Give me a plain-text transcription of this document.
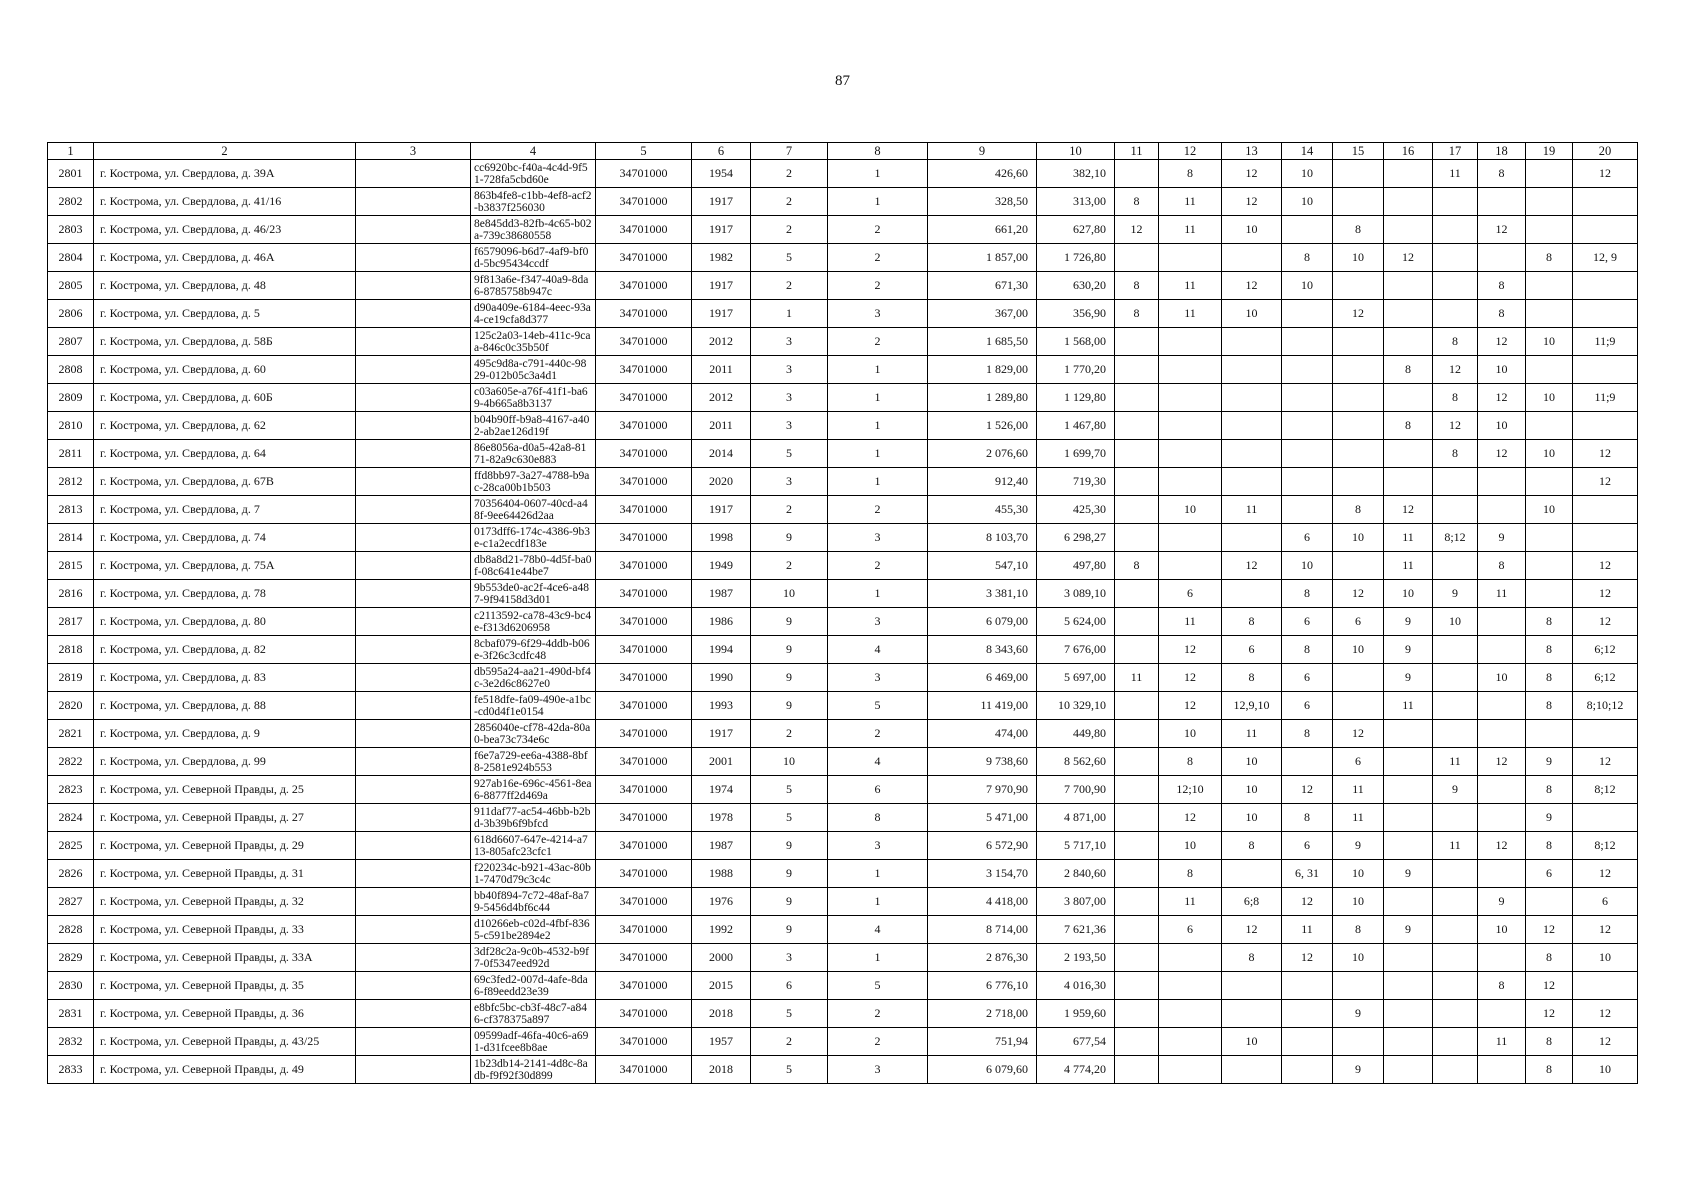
87
1	2	3	4	5	6	7	8	9	10	11	12	13	14	15	16	17	18	19	20
2801	г. Кострома, ул. Свердлова, д. 39А		cc6920bc-f40a-4c4d-9f51-728fa5cbd60e	34701000	1954	2	1	426,60	382,10		8	12	10			11	8		12
2802	г. Кострома, ул. Свердлова, д. 41/16		863b4fe8-c1bb-4ef8-acf2-b3837f256030	34701000	1917	2	1	328,50	313,00	8	11	12	10						
2803	г. Кострома, ул. Свердлова, д. 46/23		8e845dd3-82fb-4c65-b02a-739c38680558	34701000	1917	2	2	661,20	627,80	12	11	10		8			12		
2804	г. Кострома, ул. Свердлова, д. 46А		f6579096-b6d7-4af9-bf0d-5bc95434ccdf	34701000	1982	5	2	1 857,00	1 726,80				8	10	12			8	12, 9
2805	г. Кострома, ул. Свердлова, д. 48		9f813a6e-f347-40a9-8da6-8785758b947c	34701000	1917	2	2	671,30	630,20	8	11	12	10				8		
2806	г. Кострома, ул. Свердлова, д. 5		d90a409e-6184-4eec-93a4-ce19cfa8d377	34701000	1917	1	3	367,00	356,90	8	11	10		12			8		
2807	г. Кострома, ул. Свердлова, д. 58Б		125c2a03-14eb-411c-9caa-846c0c35b50f	34701000	2012	3	2	1 685,50	1 568,00							8	12	10	11;9
2808	г. Кострома, ул. Свердлова, д. 60		495c9d8a-c791-440c-9829-012b05c3a4d1	34701000	2011	3	1	1 829,00	1 770,20						8	12	10		
2809	г. Кострома, ул. Свердлова, д. 60Б		c03a605e-a76f-41f1-ba69-4b665a8b3137	34701000	2012	3	1	1 289,80	1 129,80							8	12	10	11;9
2810	г. Кострома, ул. Свердлова, д. 62		b04b90ff-b9a8-4167-a402-ab2ae126d19f	34701000	2011	3	1	1 526,00	1 467,80						8	12	10		
2811	г. Кострома, ул. Свердлова, д. 64		86e8056a-d0a5-42a8-8171-82a9c630e883	34701000	2014	5	1	2 076,60	1 699,70							8	12	10	12
2812	г. Кострома, ул. Свердлова, д. 67В		ffd8bb97-3a27-4788-b9ac-28ca00b1b503	34701000	2020	3	1	912,40	719,30										12
2813	г. Кострома, ул. Свердлова, д. 7		70356404-0607-40cd-a48f-9ee64426d2aa	34701000	1917	2	2	455,30	425,30		10	11		8	12			10	
2814	г. Кострома, ул. Свердлова, д. 74		0173dff6-174c-4386-9b3e-c1a2ecdf183e	34701000	1998	9	3	8 103,70	6 298,27				6	10	11	8;12	9		
2815	г. Кострома, ул. Свердлова, д. 75А		db8a8d21-78b0-4d5f-ba0f-08c641e44be7	34701000	1949	2	2	547,10	497,80	8		12	10		11		8		12
2816	г. Кострома, ул. Свердлова, д. 78		9b553de0-ac2f-4ce6-a487-9f94158d3d01	34701000	1987	10	1	3 381,10	3 089,10		6		8	12	10	9	11		12
2817	г. Кострома, ул. Свердлова, д. 80		c2113592-ca78-43c9-bc4e-f313d6206958	34701000	1986	9	3	6 079,00	5 624,00		11	8	6	6	9	10		8	12
2818	г. Кострома, ул. Свердлова, д. 82		8cbaf079-6f29-4ddb-b06e-3f26c3cdfc48	34701000	1994	9	4	8 343,60	7 676,00		12	6	8	10	9			8	6;12
2819	г. Кострома, ул. Свердлова, д. 83		db595a24-aa21-490d-bf4c-3e2d6c8627e0	34701000	1990	9	3	6 469,00	5 697,00	11	12	8	6		9		10	8	6;12
2820	г. Кострома, ул. Свердлова, д. 88		fe518dfe-fa09-490e-a1bc-cd0d4f1e0154	34701000	1993	9	5	11 419,00	10 329,10		12	12,9,10	6		11			8	8;10;12
2821	г. Кострома, ул. Свердлова, д. 9		2856040e-cf78-42da-80a0-bea73c734e6c	34701000	1917	2	2	474,00	449,80		10	11	8	12					
2822	г. Кострома, ул. Свердлова, д. 99		f6e7a729-ee6a-4388-8bf8-2581e924b553	34701000	2001	10	4	9 738,60	8 562,60		8	10		6		11	12	9	12
2823	г. Кострома, ул. Северной Правды, д. 25		927ab16e-696c-4561-8ea6-8877ff2d469a	34701000	1974	5	6	7 970,90	7 700,90		12;10	10	12	11		9		8	8;12
2824	г. Кострома, ул. Северной Правды, д. 27		911daf77-ac54-46bb-b2bd-3b39b6f9bfcd	34701000	1978	5	8	5 471,00	4 871,00		12	10	8	11				9	
2825	г. Кострома, ул. Северной Правды, д. 29		618d6607-647e-4214-a713-805afc23cfc1	34701000	1987	9	3	6 572,90	5 717,10		10	8	6	9		11	12	8	8;12
2826	г. Кострома, ул. Северной Правды, д. 31		f220234c-b921-43ac-80b1-7470d79c3c4c	34701000	1988	9	1	3 154,70	2 840,60		8		6, 31	10	9			6	12
2827	г. Кострома, ул. Северной Правды, д. 32		bb40f894-7c72-48af-8a79-5456d4bf6c44	34701000	1976	9	1	4 418,00	3 807,00		11	6;8	12	10			9		6
2828	г. Кострома, ул. Северной Правды, д. 33		d10266eb-c02d-4fbf-8365-c591be2894e2	34701000	1992	9	4	8 714,00	7 621,36		6	12	11	8	9		10	12	12
2829	г. Кострома, ул. Северной Правды, д. 33А		3df28c2a-9c0b-4532-b9f7-0f5347eed92d	34701000	2000	3	1	2 876,30	2 193,50			8	12	10				8	10
2830	г. Кострома, ул. Северной Правды, д. 35		69c3fed2-007d-4afe-8da6-f89eedd23e39	34701000	2015	6	5	6 776,10	4 016,30								8	12	
2831	г. Кострома, ул. Северной Правды, д. 36		e8bfc5bc-cb3f-48c7-a846-cf378375a897	34701000	2018	5	2	2 718,00	1 959,60					9				12	12
2832	г. Кострома, ул. Северной Правды, д. 43/25		09599adf-46fa-40c6-a691-d31fcee8b8ae	34701000	1957	2	2	751,94	677,54			10					11	8	12
2833	г. Кострома, ул. Северной Правды, д. 49		1b23db14-2141-4d8c-8adb-f9f92f30d899	34701000	2018	5	3	6 079,60	4 774,20					9				8	10
